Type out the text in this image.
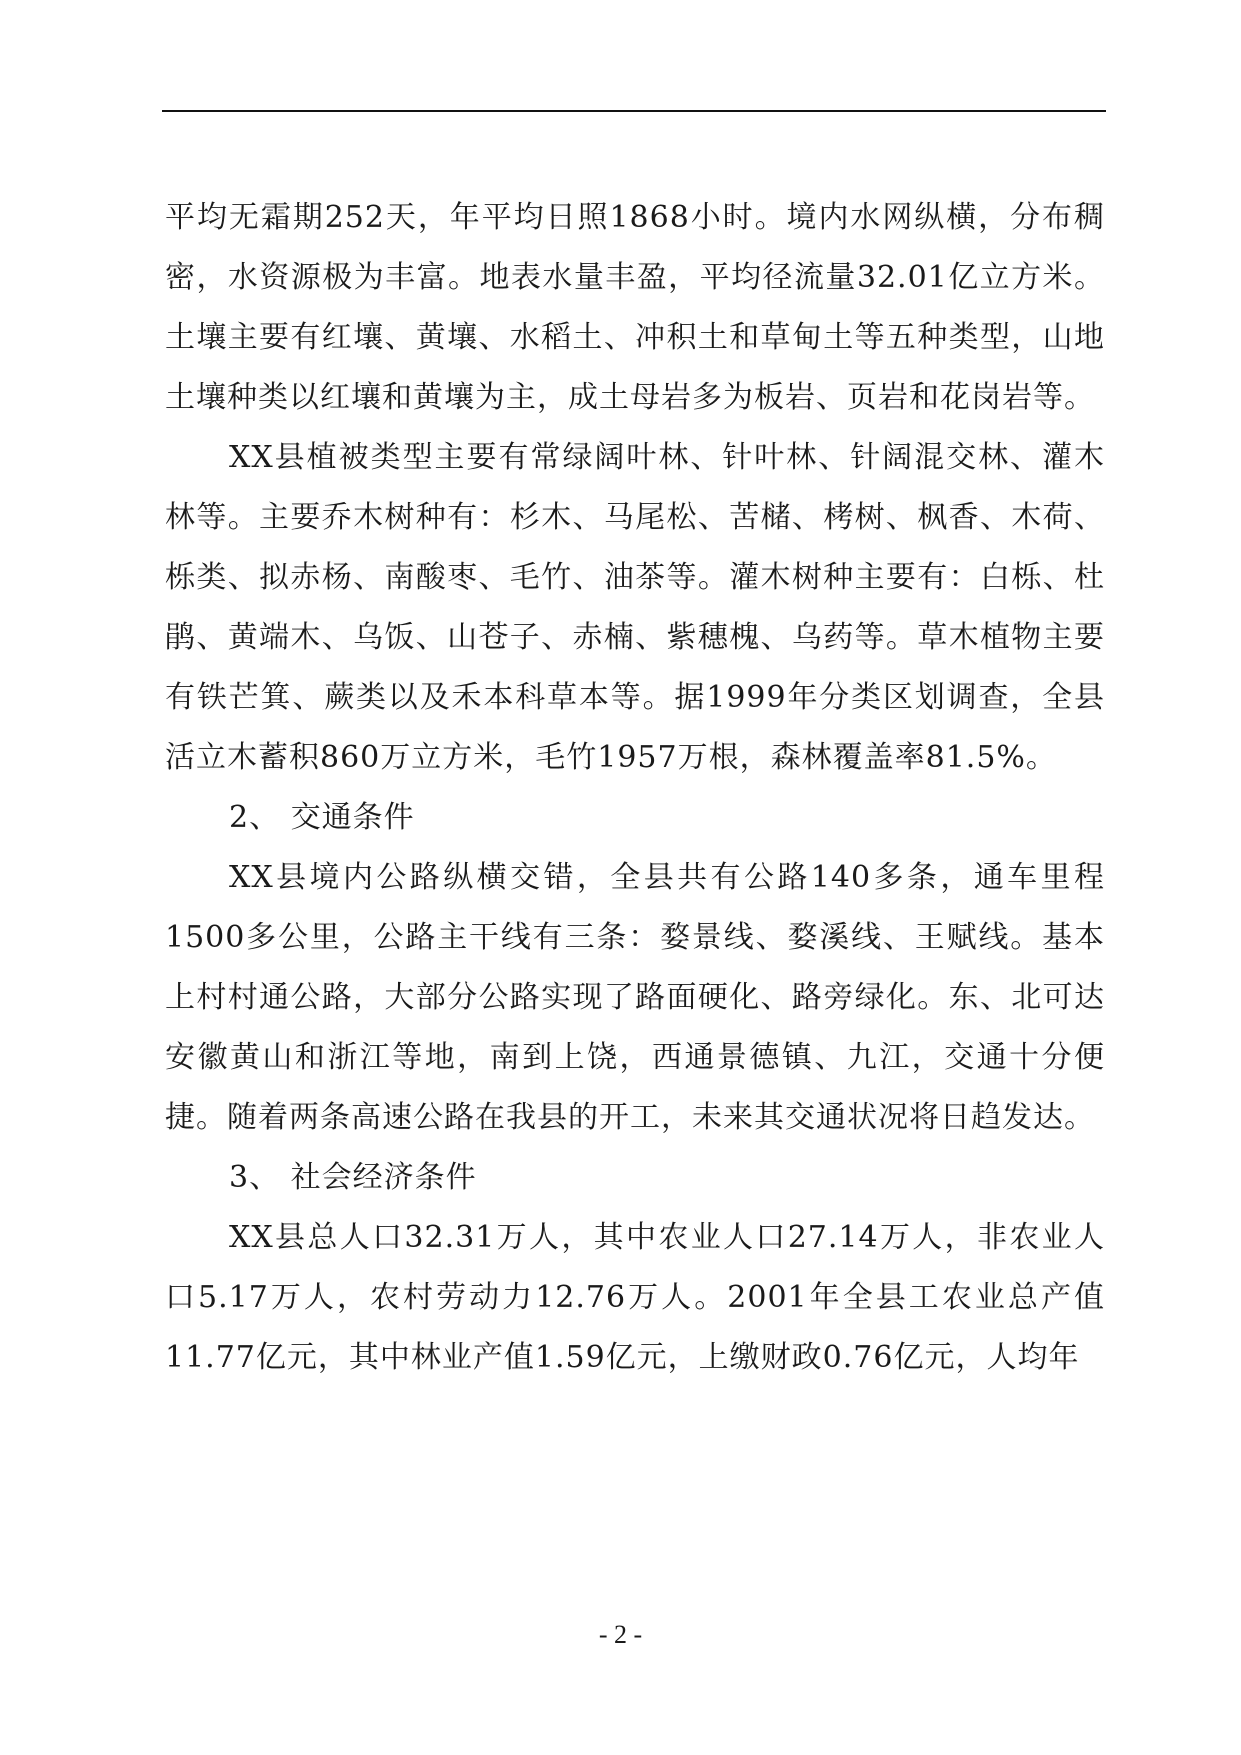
平均无霜期252天，年平均日照1868小时。境内水网纵横，分布稠密，水资源极为丰富。地表水量丰盈，平均径流量32.01亿立方米。土壤主要有红壤、黄壤、水稻土、冲积土和草甸土等五种类型，山地土壤种类以红壤和黄壤为主，成土母岩多为板岩、页岩和花岗岩等。

XX县植被类型主要有常绿阔叶林、针叶林、针阔混交林、灌木林等。主要乔木树种有：杉木、马尾松、苦槠、栲树、枫香、木荷、栎类、拟赤杨、南酸枣、毛竹、油茶等。灌木树种主要有：白栎、杜鹃、黄端木、乌饭、山苍子、赤楠、紫穗槐、乌药等。草木植物主要有铁芒箕、蕨类以及禾本科草本等。据1999年分类区划调查，全县活立木蓄积860万立方米，毛竹1957万根，森林覆盖率81.5%。

2、 交通条件

XX县境内公路纵横交错，全县共有公路140多条，通车里程1500多公里，公路主干线有三条：婺景线、婺溪线、王赋线。基本上村村通公路，大部分公路实现了路面硬化、路旁绿化。东、北可达安徽黄山和浙江等地，南到上饶，西通景德镇、九江，交通十分便捷。随着两条高速公路在我县的开工，未来其交通状况将日趋发达。

3、 社会经济条件

XX县总人口32.31万人，其中农业人口27.14万人，非农业人口5.17万人，农村劳动力12.76万人。2001年全县工农业总产值11.77亿元，其中林业产值1.59亿元，上缴财政0.76亿元，人均年

- 2 -
